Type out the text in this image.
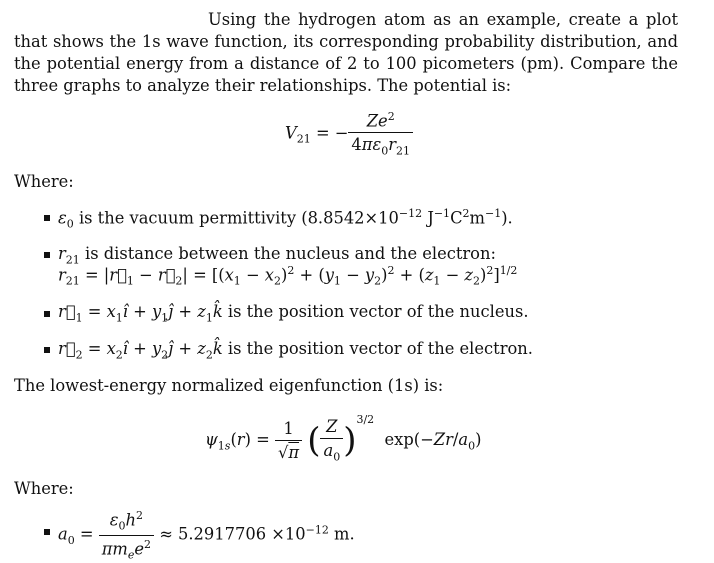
Using the hydrogen atom as an example, create a plot that shows the 1s wave function, its corresponding probability distribution, and the potential energy from a distance of 2 to 100 picometers (pm). Compare the three graphs to analyze their relationships. The potential is:
$V_{21}$ = − $\frac{Ze^2}{4\pi\varepsilon_0r_{21}}$
Where:
$\varepsilon_0$ is the vacuum permittivity ($8.8542\times 10^{-12}$ $J^{-1}C^2m^{-1}$).
$r_{21}$ is distance between the nucleus and the electron:
$r_{21}$ = $|r⃗_1$ − $r⃗_2| = [(x_1 - x_2)^2 + (y_1 - y_2)^2 + (z_1 - z_2)^2]^{1/2}$
$r⃗_1$ = $x_1î$ + $y_1ĵ$ + $z_1k̂$ is the position vector of the nucleus.
$r⃗_2$ = $x_2î$ + $y_2ĵ$ + $z_2k̂$ is the position vector of the electron.
The lowest-energy normalized eigenfunction (1s) is:
$\psi_{1s}(r) = \frac{1}{√\pi}$ ( $\frac{Z}{a_0} )^{3/2}$  $\exp(-Zr/a_0)$
Where:
$a_0 = \frac{\varepsilon_0h^2}{\pi m_ee^2} \approx 5.2917706 \times 10^{-12}$ m.
